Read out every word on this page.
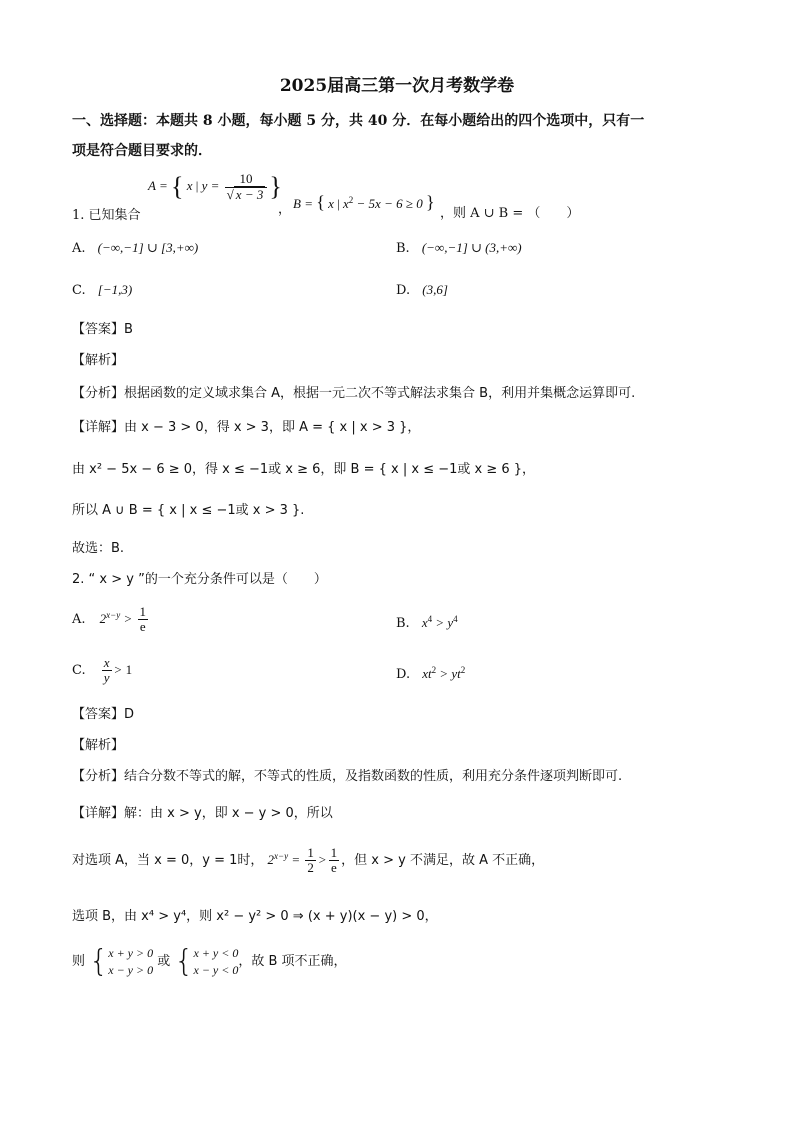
2025届高三第一次月考数学卷
一、选择题：本题共 8 小题，每小题 5 分，共 40 分．在每小题给出的四个选项中，只有一
项是符合题目要求的．
1. 已知集合
A = { x | $y = \frac{10}{√ x - 3}$ }
， B = { x | $x^2 - 5x - 6 \ge 0$ }
，则 A ∪ B = （　　）
A. (−∞,−1] ∪ [3,+∞)	B. (−∞,−1] ∪ (3,+∞)
C. [−1,3)	D. (3,6]
【答案】B
【解析】
【分析】根据函数的定义域求集合 A，根据一元二次不等式解法求集合 B，利用并集概念运算即可.
【详解】由 x − 3 > 0，得 x > 3，即 A = { x | x > 3 }，
由 x² − 5x − 6 ≥ 0，得 x ≤ −1或 x ≥ 6，即 B = { x | x ≤ −1或 x ≥ 6 }，
所以 A ∪ B = { x | x ≤ −1或 x > 3 }.
故选：B.
2. “ x > y ”的一个充分条件可以是（　　）
A. $2^{x-y} > \frac{1}{e}$	B. $x^4 > y^4$
C. $\frac{x}{y} > 1$	D. $xt^2 > yt^2$
【答案】D
【解析】
【分析】结合分数不等式的解，不等式的性质，及指数函数的性质，利用充分条件逐项判断即可.
【详解】解：由 x > y，即 x − y > 0，所以
对选项 A，当 x = 0，y = 1时， $2^{x-y} = \frac{1}{2} > \frac{1}{e}$ ，但 x > y 不满足，故 A 不正确，
选项 B，由 x⁴ > y⁴，则 x² − y² > 0 ⇒ (x + y)(x − y) > 0，
则 {x + y > 0
x − y > 0 或 {x + y < 0
x − y < 0，故 B 项不正确，
